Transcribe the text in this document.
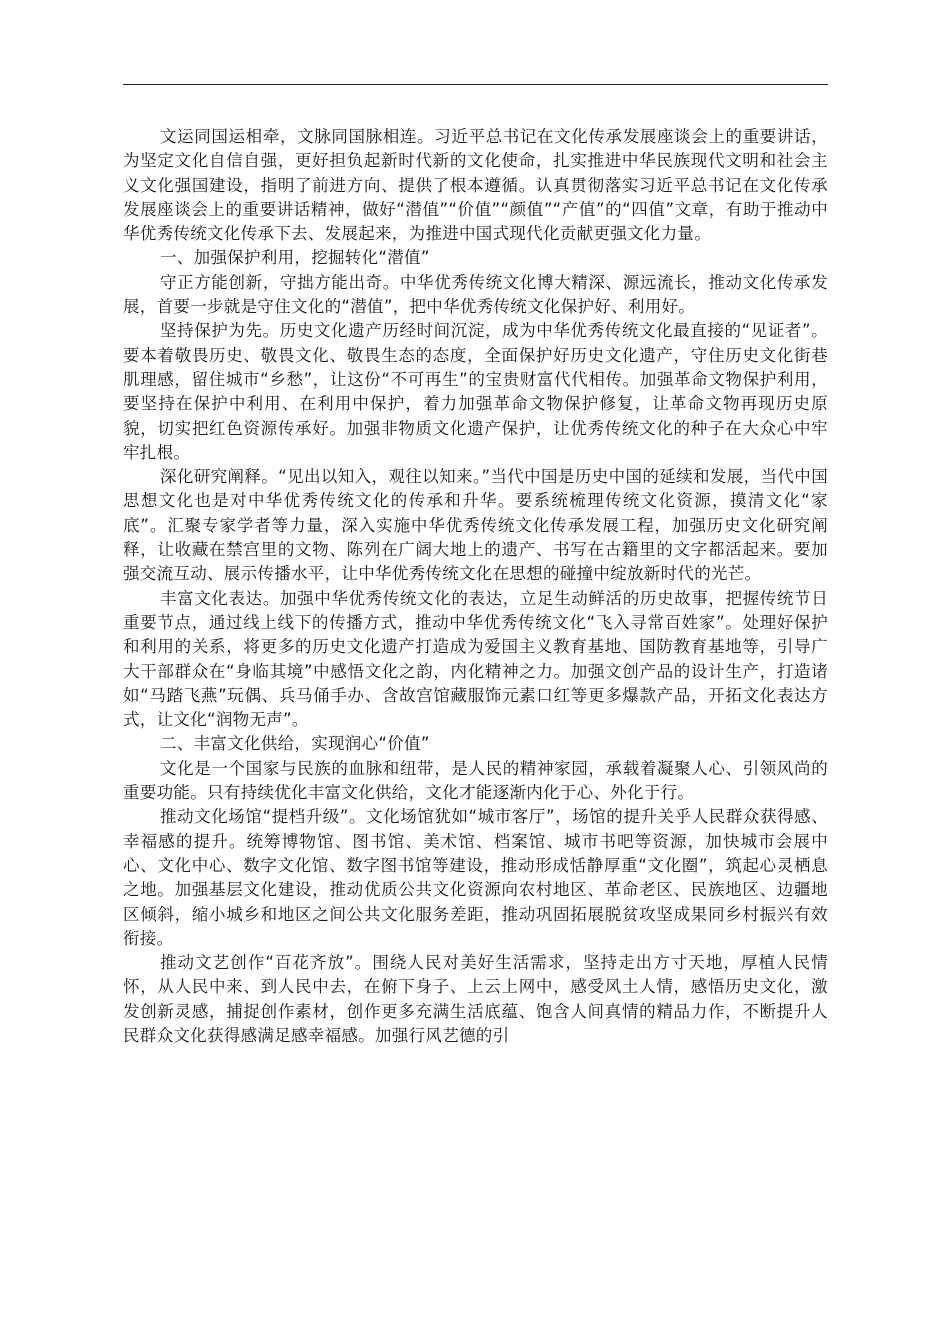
文运同国运相牵，文脉同国脉相连。习近平总书记在文化传承发展座谈会上的重要讲话，为坚定文化自信自强，更好担负起新时代新的文化使命，扎实推进中华民族现代文明和社会主义文化强国建设，指明了前进方向、提供了根本遵循。认真贯彻落实习近平总书记在文化传承发展座谈会上的重要讲话精神，做好“潜值”“价值”“颜值”“产值”的“四值”文章，有助于推动中华优秀传统文化传承下去、发展起来，为推进中国式现代化贡献更强文化力量。

一、加强保护利用，挖掘转化“潜值”

守正方能创新，守拙方能出奇。中华优秀传统文化博大精深、源远流长，推动文化传承发展，首要一步就是守住文化的“潜值”，把中华优秀传统文化保护好、利用好。

坚持保护为先。历史文化遗产历经时间沉淀，成为中华优秀传统文化最直接的“见证者”。要本着敬畏历史、敬畏文化、敬畏生态的态度，全面保护好历史文化遗产，守住历史文化街巷肌理感，留住城市“乡愁”，让这份“不可再生”的宝贵财富代代相传。加强革命文物保护利用，要坚持在保护中利用、在利用中保护，着力加强革命文物保护修复，让革命文物再现历史原貌，切实把红色资源传承好。加强非物质文化遗产保护，让优秀传统文化的种子在大众心中牢牢扎根。

深化研究阐释。“见出以知入，观往以知来。”当代中国是历史中国的延续和发展，当代中国思想文化也是对中华优秀传统文化的传承和升华。要系统梳理传统文化资源，摸清文化“家底”。汇聚专家学者等力量，深入实施中华优秀传统文化传承发展工程，加强历史文化研究阐释，让收藏在禁宫里的文物、陈列在广阔大地上的遗产、书写在古籍里的文字都活起来。要加强交流互动、展示传播水平，让中华优秀传统文化在思想的碰撞中绽放新时代的光芒。

丰富文化表达。加强中华优秀传统文化的表达，立足生动鲜活的历史故事，把握传统节日重要节点，通过线上线下的传播方式，推动中华优秀传统文化“飞入寻常百姓家”。处理好保护和利用的关系，将更多的历史文化遗产打造成为爱国主义教育基地、国防教育基地等，引导广大干部群众在“身临其境”中感悟文化之韵，内化精神之力。加强文创产品的设计生产，打造诸如“马踏飞燕”玩偶、兵马俑手办、含故宫馆藏服饰元素口红等更多爆款产品，开拓文化表达方式，让文化“润物无声”。

二、丰富文化供给，实现润心“价值”

文化是一个国家与民族的血脉和纽带，是人民的精神家园，承载着凝聚人心、引领风尚的重要功能。只有持续优化丰富文化供给，文化才能逐渐内化于心、外化于行。

推动文化场馆“提档升级”。文化场馆犹如“城市客厅”，场馆的提升关乎人民群众获得感、幸福感的提升。统筹博物馆、图书馆、美术馆、档案馆、城市书吧等资源，加快城市会展中心、文化中心、数字文化馆、数字图书馆等建设，推动形成恬静厚重“文化圈”，筑起心灵栖息之地。加强基层文化建设，推动优质公共文化资源向农村地区、革命老区、民族地区、边疆地区倾斜，缩小城乡和地区之间公共文化服务差距，推动巩固拓展脱贫攻坚成果同乡村振兴有效衔接。

推动文艺创作“百花齐放”。围绕人民对美好生活需求，坚持走出方寸天地，厚植人民情怀，从人民中来、到人民中去，在俯下身子、上云上网中，感受风土人情，感悟历史文化，激发创新灵感，捕捉创作素材，创作更多充满生活底蕴、饱含人间真情的精品力作，不断提升人民群众文化获得感满足感幸福感。加强行风艺德的引
